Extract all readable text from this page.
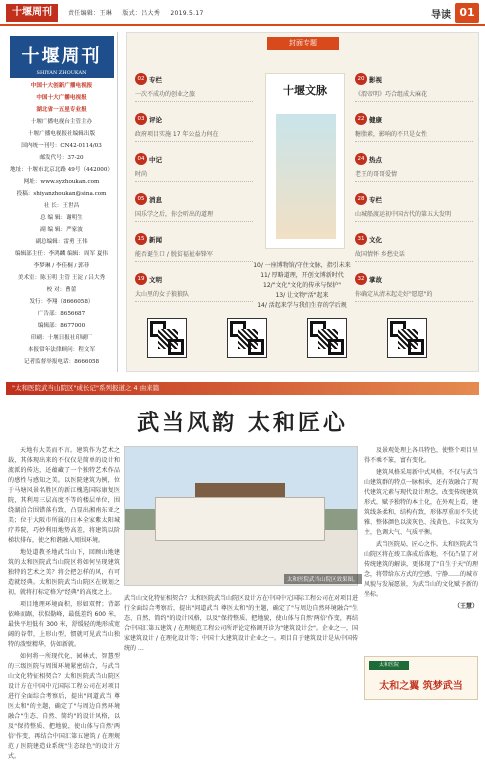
十堰周刊	责任编辑：王琳 版式：吕大秀 2019.5.17	导读 01
十堰周刊
SHIYAN ZHOUKAN

中国十大创新广播电视报

中国十大广播电视报

湖北省一五星专业报

十堰广播电视台主管主办

十堰广播电视报社编辑出版

国内统一刊号：CN42-0114/03

邮发代号：37-20

地址：十堰市北京北路 49号（442000）

网址：www.syzhoukan.com

投稿：shiyanzhoukan@sina.com

社 长：王世昌

总 编 辑：谢明生

副 编 辑：严家波

副总编辑：雷勇 王伟

编辑部主任：李鸿麟 编辑：周军 夏伟

李梦琳 / 李佳桐 / 郭菲

美术室：陈玉明 主管 王淀 / 吕大秀

校 对：曹蕾

发行：李翔（8666058）

广告部：8656687

编辑部：8677000

印刷：十堰日报社印刷厂

本报常年法律顾问：程文军

记者监督举报电话：8666058

封面专题
02 专栏
一次不成功的创业之旅
03 评论
政府项目实施 17 年公益力何在
04 中记
时尚
05 消息
国乐学之后，你会听出的道理
15 新闻
能否诞生口 / 脱贫福祉奉锋军
19 文明
大山里的女子狼狼队
20 影视
《渭帝明》巧合组成大麻花
22 健康
糖脂素，影响的不只是女性
24 热点
老王的哥哥爱情
28 专栏
山城船渡运初中国古代的第五大发明
31 文化
故国情怀 乡愁史话
32 掌故
你确定从清末起走好"愿愿"的
十堰文脉
10/ 一座博物馆/守住文脉，指引未来
11/ 厚略道理，开创文博新时代
12/"文化"文化的传承与保护"
13/ 让文物"活"起来
14/ 活起来学与我们生存的学后规
"太和医院武当山院区"成长记"系列报道之 4 由来篇
武当风韵 太和匠心

天地有大美而不言。建筑作为艺术之载，其体现出来的不仅仅是简单的设计和流派的传达，还蕴藏了一个独特艺术作品的感性与感知之美。以医院建筑为例，位于马塘风景名胜区的新江槐选国际康复医院，其利用三层高度不等的楼层单位，围绕湖泊合围错落有致，凸显出湘南东亚之美；位于大阪市所属的日本全家紫太阳城疗养院，巧妙利用地势高差，将建筑以阶梯状排布，使之和谐融入周围环境。

地处道教圣地武当山下，回顾山地建筑的太和医院武当山院区将如何呈现建筑独特的艺术之美？将会把怎样的风，有可造就经典。太和医院武当山院区在规划之初，就将打标定格为"经典"的高度之上。

项目地理环境面积，形如双臂；背部依峰而踞，状似勒峰，最低差约 600 米，最快平坦低有 300 米，舒缓轻的地形成宽阔的谷带，上形山型，惯就可见武当山独特的泼壁精华，仿如新就。

如何将一所现代化、园林式、智慧型的三级医院与周围环境紧密结合，与武当山文化特征相契合？太和医院武当山院区设计方在中国中元国际工程公司在对项目进行全面综合考察后，提出"问道武当 尊医太和"的主题，确定了"与周边自然环境融合"生态、自然、简约"的设计风格，以及"保持整质、把地貌，使山体与自然'两倍'作变，再结合中国汇第五建筑 / 在理规范 / 医院建造业系统"生态绿色"的设计方式。

太和医院武当山院区效果图。
武当山文化特征相契合？太和医院武当山院区设计方在中国中元国际工程公司在对项目进行全面综合考察后，提出"问道武当 尊医太和"的主题，确定了"与周边自然环境融合"生态、自然、简约"的设计风格，以及"保持整质、把地貌，使山体与自然'两倍'作变，再结合中国汇第五建筑 / 在理规范工程公司所评论定格调开诊为"建筑设计会"。企业之一，国家建筑设计 / 在理化设计等；中国十大建筑设计企业之一。项目自于建筑设计是从中国传统的 …

及景观处理上各具特色，使整个项目呈得不乘不篆，富有变化。

建筑风格采用新中式风格，不仅与武当山建筑群的特点一脉相承，还有效融合了现代建筑元素与现代设计理念，改变传统建筑形式，赋予独特的本土化，在外观上看，建筑线条柔和，结构有致，形体厚重而不失优雅、整体颜色以淡灰色、浅黄色、卡纹灰为主，色调大气、气质平衡。

武当医院局，匠心之作。太和医院武当山院区将在竣工落成后落地，不仅凸显了对传统建筑的解读，更体现了"自生于天"的理念，将带给东方式的空感、宁静……的城市风貌与发展愿景，为武当山的文化赋予新的坐标。

（王慧）

太和医院
太和之翼 筑梦武当
